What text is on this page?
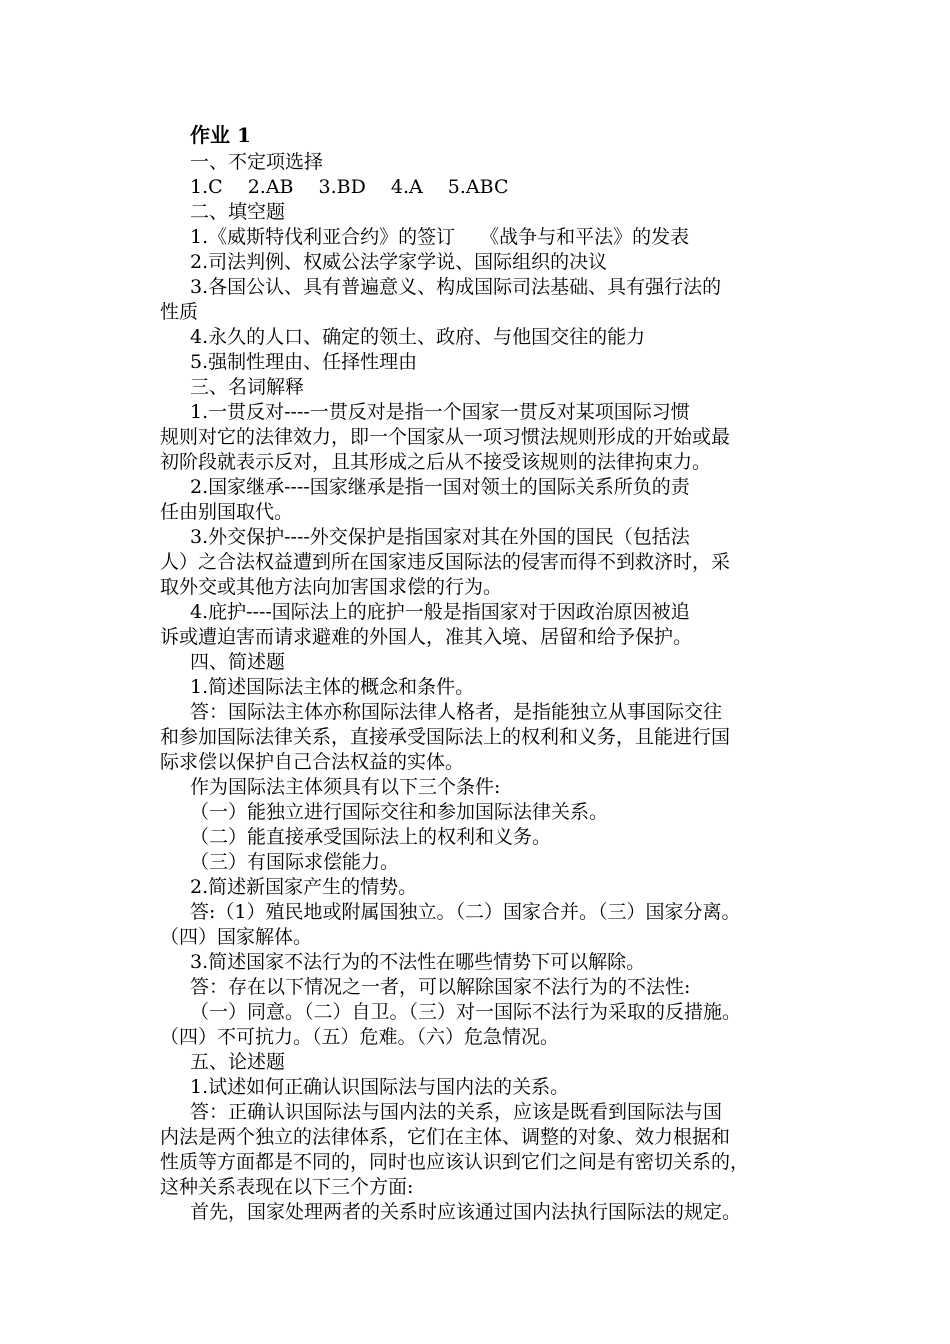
作业 1
一、不定项选择
1.C　 2.AB　 3.BD　 4.A　 5.ABC
二、填空题
1.《威斯特伐利亚合约》的签订　 《战争与和平法》的发表
2.司法判例、权威公法学家学说、国际组织的决议
3.各国公认、具有普遍意义、构成国际司法基础、具有强行法的
性质
4.永久的人口、确定的领土、政府、与他国交往的能力
5.强制性理由、任择性理由
三、名词解释
1.一贯反对----一贯反对是指一个国家一贯反对某项国际习惯
规则对它的法律效力，即一个国家从一项习惯法规则形成的开始或最
初阶段就表示反对，且其形成之后从不接受该规则的法律拘束力。
2.国家继承----国家继承是指一国对领土的国际关系所负的责
任由别国取代。
3.外交保护----外交保护是指国家对其在外国的国民（包括法
人）之合法权益遭到所在国家违反国际法的侵害而得不到救济时，采
取外交或其他方法向加害国求偿的行为。
4.庇护----国际法上的庇护一般是指国家对于因政治原因被追
诉或遭迫害而请求避难的外国人，准其入境、居留和给予保护。
四、简述题
1.简述国际法主体的概念和条件。
答：国际法主体亦称国际法律人格者，是指能独立从事国际交往
和参加国际法律关系，直接承受国际法上的权利和义务，且能进行国
际求偿以保护自己合法权益的实体。
作为国际法主体须具有以下三个条件:
（一）能独立进行国际交往和参加国际法律关系。
（二）能直接承受国际法上的权利和义务。
（三）有国际求偿能力。
2.简述新国家产生的情势。
答:（1）殖民地或附属国独立。（二）国家合并。（三）国家分离。
（四）国家解体。
3.简述国家不法行为的不法性在哪些情势下可以解除。
答：存在以下情况之一者，可以解除国家不法行为的不法性:
（一）同意。（二）自卫。（三）对一国际不法行为采取的反措施。
（四）不可抗力。（五）危难。（六）危急情况。
五、论述题
1.试述如何正确认识国际法与国内法的关系。
答：正确认识国际法与国内法的关系，应该是既看到国际法与国
内法是两个独立的法律体系，它们在主体、调整的对象、效力根据和
性质等方面都是不同的，同时也应该认识到它们之间是有密切关系的，
这种关系表现在以下三个方面:
首先，国家处理两者的关系时应该通过国内法执行国际法的规定。
